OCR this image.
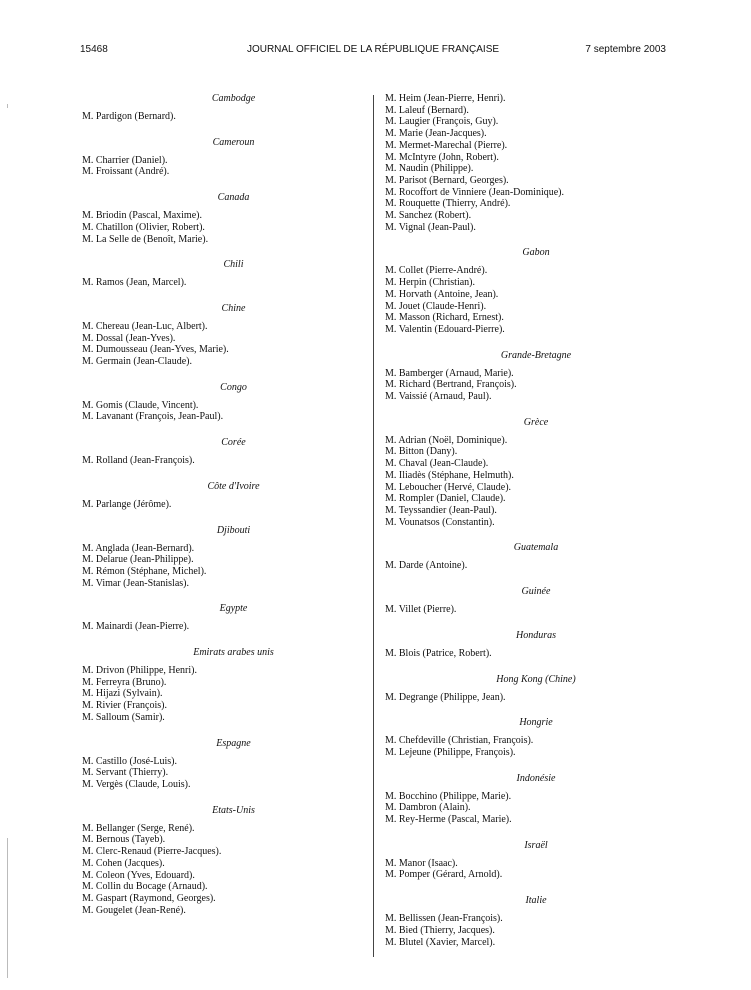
15468	JOURNAL OFFICIEL DE LA RÉPUBLIQUE FRANÇAISE	7 septembre 2003
Cambodge
M. Pardigon (Bernard).
Cameroun
M. Charrier (Daniel).
M. Froissant (André).
Canada
M. Briodin (Pascal, Maxime).
M. Chatillon (Olivier, Robert).
M. La Selle de (Benoît, Marie).
Chili
M. Ramos (Jean, Marcel).
Chine
M. Chereau (Jean-Luc, Albert).
M. Dossal (Jean-Yves).
M. Dumousseau (Jean-Yves, Marie).
M. Germain (Jean-Claude).
Congo
M. Gomis (Claude, Vincent).
M. Lavanant (François, Jean-Paul).
Corée
M. Rolland (Jean-François).
Côte d'Ivoire
M. Parlange (Jérôme).
Djibouti
M. Anglada (Jean-Bernard).
M. Delarue (Jean-Philippe).
M. Rémon (Stéphane, Michel).
M. Vimar (Jean-Stanislas).
Egypte
M. Mainardi (Jean-Pierre).
Emirats arabes unis
M. Drivon (Philippe, Henri).
M. Ferreyra (Bruno).
M. Hijazi (Sylvain).
M. Rivier (François).
M. Salloum (Samir).
Espagne
M. Castillo (José-Luis).
M. Servant (Thierry).
M. Vergès (Claude, Louis).
Etats-Unis
M. Bellanger (Serge, René).
M. Bernous (Tayeb).
M. Clerc-Renaud (Pierre-Jacques).
M. Cohen (Jacques).
M. Coleon (Yves, Edouard).
M. Collin du Bocage (Arnaud).
M. Gaspart (Raymond, Georges).
M. Gougelet (Jean-René).
M. Heim (Jean-Pierre, Henri).
M. Laleuf (Bernard).
M. Laugier (François, Guy).
M. Marie (Jean-Jacques).
M. Mermet-Marechal (Pierre).
M. McIntyre (John, Robert).
M. Naudin (Philippe).
M. Parisot (Bernard, Georges).
M. Rocoffort de Vinniere (Jean-Dominique).
M. Rouquette (Thierry, André).
M. Sanchez (Robert).
M. Vignal (Jean-Paul).
Gabon
M. Collet (Pierre-André).
M. Herpin (Christian).
M. Horvath (Antoine, Jean).
M. Jouet (Claude-Henri).
M. Masson (Richard, Ernest).
M. Valentin (Edouard-Pierre).
Grande-Bretagne
M. Bamberger (Arnaud, Marie).
M. Richard (Bertrand, François).
M. Vaissié (Arnaud, Paul).
Grèce
M. Adrian (Noël, Dominique).
M. Bitton (Dany).
M. Chaval (Jean-Claude).
M. Iliadès (Stéphane, Helmuth).
M. Leboucher (Hervé, Claude).
M. Rompler (Daniel, Claude).
M. Teyssandier (Jean-Paul).
M. Vounatsos (Constantin).
Guatemala
M. Darde (Antoine).
Guinée
M. Villet (Pierre).
Honduras
M. Blois (Patrice, Robert).
Hong Kong (Chine)
M. Degrange (Philippe, Jean).
Hongrie
M. Chefdeville (Christian, François).
M. Lejeune (Philippe, François).
Indonésie
M. Bocchino (Philippe, Marie).
M. Dambron (Alain).
M. Rey-Herme (Pascal, Marie).
Israël
M. Manor (Isaac).
M. Pomper (Gérard, Arnold).
Italie
M. Bellissen (Jean-François).
M. Bied (Thierry, Jacques).
M. Blutel (Xavier, Marcel).
